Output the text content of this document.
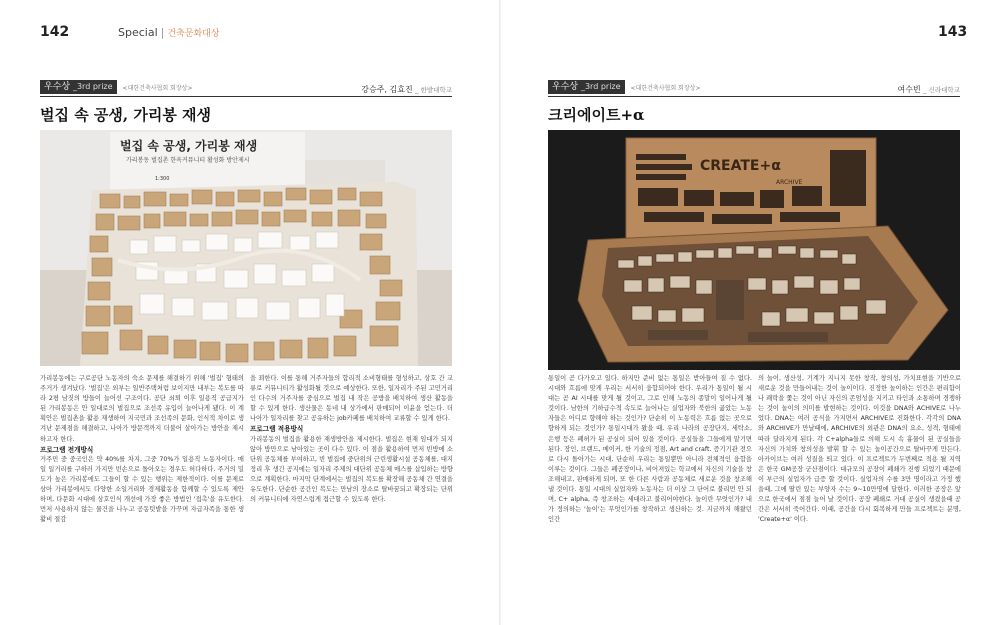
142	Special | 건축문화대상
우수상 _3rd prize	<대한건축사협회 회장상>	강승주, 김효진 _ 한밭대학교
벌집 속 공생, 가리봉 재생
벌집 속 공생, 가리봉 재생
가리봉동 벌집촌 한옥커뮤니티 활성화 방안제시
1:300

가리봉동에는 구로공단 노동자의 숙소 문제를 해결하기 위해 '벌집' 형태의 주거가 생겨났다. '벌집'은 외부는 일반주택처럼 보이지만 내부는 복도를 따라 2평 남짓의 방들이 늘어선 구조이다. 공단 쇠퇴 이후 일용직 공급지가 된 가리봉동은 안 일대로의 벌집으로 조선족 유입이 늘어나게 됐다. 이 계획안은 벌집촌을 활용 재생하여 지국민과 조선족의 문화, 인식적 차이로 생겨난 문제점을 해결하고, 나아가 방문객까지 더불어 살아가는 방안을 제시하고자 한다.

프로그램 전개방식

거주민 중 중국인은 약 40%를 차지, 그중 70%가 일용직 노동자이다. 매일 일거리를 구하러 가지만 빈손으로 돌아오는 경우도 허다하다. 주거의 밀도가 높은 가리봉에도 그들이 할 수 있는 행위는 제한적이다. 이를 문제로 삼아 가리봉에서도 다양한 소일거리와 경제활동을 함께할 수 있도록 제안하며, 다문화 시대에 상호인식 개선에 가장 좋은 방법인 '접촉'을 유도한다. 먼저 사용하지 않는 물건을 나누고 공동텃밭을 가꾸며 자급자족을 통한 생활비 절감

을 꾀한다. 이를 통해 거주자들의 합리적 소비형태를 형성하고, 상호 간 교류로 커뮤니티가 활성화될 것으로 예상한다. 또한, 일자리가 주된 고민거리인 다수의 거주자를 중심으로 벌집 내 작은 공방을 배치하여 생산 활동을 할 수 있게 한다. 생산물은 동네 내 상가에서 판매되어 이윤을 얻는다. 더 나아가 일자리를 찾고 공유하는 job카페를 배치하여 교류할 수 있게 한다.

프로그램 적용방식

가리봉동의 벌집을 활용한 재생방안을 제시한다. 벌집은 현재 임대가 되지 않아 방만으로 남아있는 곳이 다수 있다. 이 점을 활용하여 먼저 빈방에 소단위 공동체를 부여하고, 빈 벌집에 중단위의 근린생활시설 공동체를, 대지 정리 후 생긴 공지에는 일자리 주제의 대단위 공동체 매스를 삽입하는 방향으로 계획한다. 마지막 단계에서는 벌집의 복도를 확장해 공동체 간 연결을 유도한다. 단순한 공간인 복도는 만남의 장소로 탈바꿈되고 확장되는 단위의 커뮤니티에 자연스럽게 접근할 수 있도록 한다.

143
우수상 _3rd prize	<대한건축사협회 회장상>	여수빈 _ 신라대학교
크리에이트+α
CREATE+α
ARCHIVE

통일이 곧 다가오고 있다. 하지만 준비 없는 통일은 받아들여 질 수 없다. 시대와 흐름에 맞게 우리는 서서히 융합되어야 한다. 우리가 통일이 될 시대는 곧 AI 시대를 맞게 될 것이고, 그로 인해 노동의 종말이 일어나게 될 것이다. 남한의 기하급수적 속도로 늘어나는 실업자와 북한의 곪았는 노동자들은 어디로 향해야 하는 것인가? 단순히 이 노동력은 흐름 없는 곳으로 향하게 되는 것인가? 통일시대가 왔을 때, 우리 나라의 공장단지, 세탁소, 은행 등은 폐허가 된 공실이 되어 있을 것이다. 공실들을 그들에게 맡기면 된다. 장인, 브랜드, 메이커, 한 기술의 정점, Art and craft. 증기기관 전으로 다시 돌아가는 시대, 단순히 우리는 통일뿐만 아니라 전체적인 융합을 이루는 것이다. 그들은 폐공장이나, 비어져있는 학교에서 자신의 기술을 창조해내고, 판매하게 되며, 또 한 다른 사람과 공동체로 새로운 것을 창조해낼 것이다. 통일 시대의 실업자와 노동자는 더 이상 그 단어로 불리먼 안 되며, C+ alpha, 즉 창조하는 세대라고 불리어야한다. 놀이란 무엇인가? 내가 정의하는 '놀이'는 무엇인가를 창작하고 생산하는 것. 지금까지 해왔던 인간

의 놀이, 생산성, 기계가 지니지 못한 창작, 창의성, 가치표현을 기반으로 새로운 것을 만들어내는 것이 놀이이다. 진정한 놀이하는 인간은 편리함이나 쾌락을 쫓는 것이 아닌 자신의 존엄성을 지키고 타인과 소통하며 경쟁하는 것이 놀이의 의미를 발현하는 것이다. 이것을 DNA와 ACHIVE로 나누었다. DNA는 여러 공식을 가지면서 ARCHIVE로 진화한다. 각각의 DNA와 ARCHIVE가 만날때에, ARCHIVE의 외관은 DNA의 요소, 성격, 형태에 따라 달라지게 된다. 각 C+alpha들로 의해 도시 속 흉물이 된 공실들을 자신의 가치와 창의성을 발휘 할 수 있는 놀이공간으로 탈바꾸게 만든다. 아카이브는 여러 성질을 띄고 있다. 이 프로젝트가 두번째로 적용 될 지역은 한국 GM공장 군산점이다. 대규모의 공장이 폐쇄가 진행 되었기 때문에 이 부근의 실업자가 급증 할 것이다. 실업자의 수를 3만 명이라고 가정 했을때, 그에 딸린 있는 부양자 수는 9~10만명에 달한다. 이러한 공장은 앞으로 한국에서 점점 늘어 날 것이다. 공장 폐쇄로 거대 공실이 생겼을때 공간은 서서히 죽어간다. 이때, 공간을 다시 회복하게 만들 프로젝트는 분명, 'Create+α' 이다.
